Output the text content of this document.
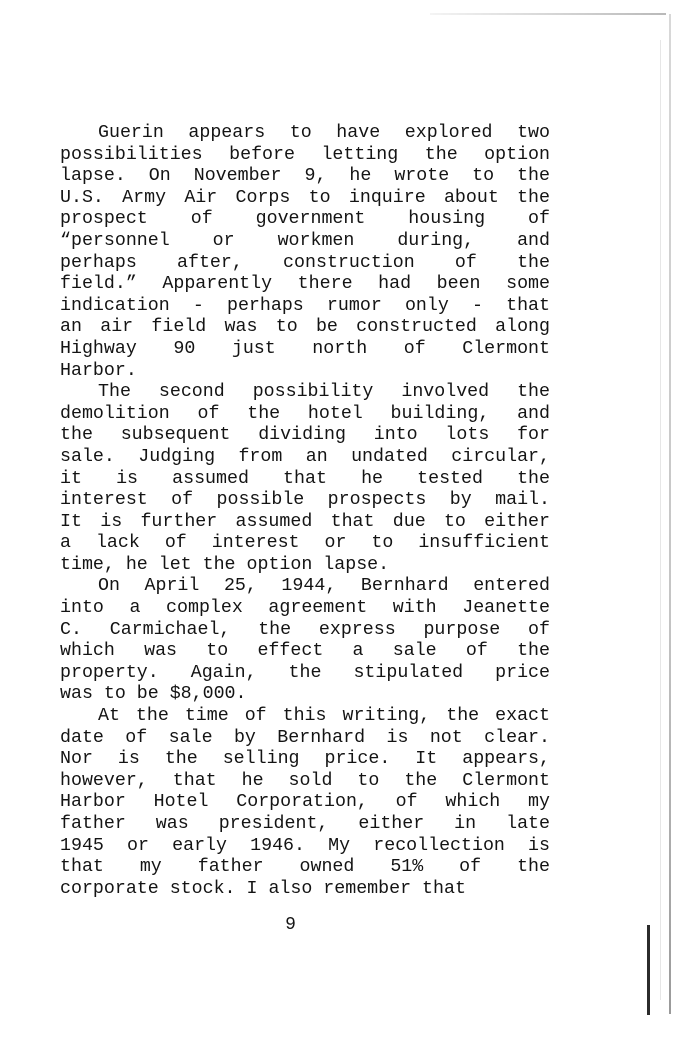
Guerin appears to have explored two
possibilities before letting the option
lapse. On November 9, he wrote to the
U.S. Army Air Corps to inquire about the
prospect of government housing of
“personnel or workmen during, and
perhaps after, construction of the
field.” Apparently there had been some
indication - perhaps rumor only - that
an air field was to be constructed along
Highway 90 just north of Clermont
Harbor.
The second possibility involved the
demolition of the hotel building, and
the subsequent dividing into lots for
sale. Judging from an undated circular,
it is assumed that he tested the
interest of possible prospects by mail.
It is further assumed that due to either
a lack of interest or to insufficient
time, he let the option lapse.
On April 25, 1944, Bernhard entered
into a complex agreement with Jeanette
C. Carmichael, the express purpose of
which was to effect a sale of the
property. Again, the stipulated price
was to be $8,000.
At the time of this writing, the exact
date of sale by Bernhard is not clear.
Nor is the selling price. It appears,
however, that he sold to the Clermont
Harbor Hotel Corporation, of which my
father was president, either in late
1945 or early 1946. My recollection is
that my father owned 51% of the
corporate stock. I also remember that
9
